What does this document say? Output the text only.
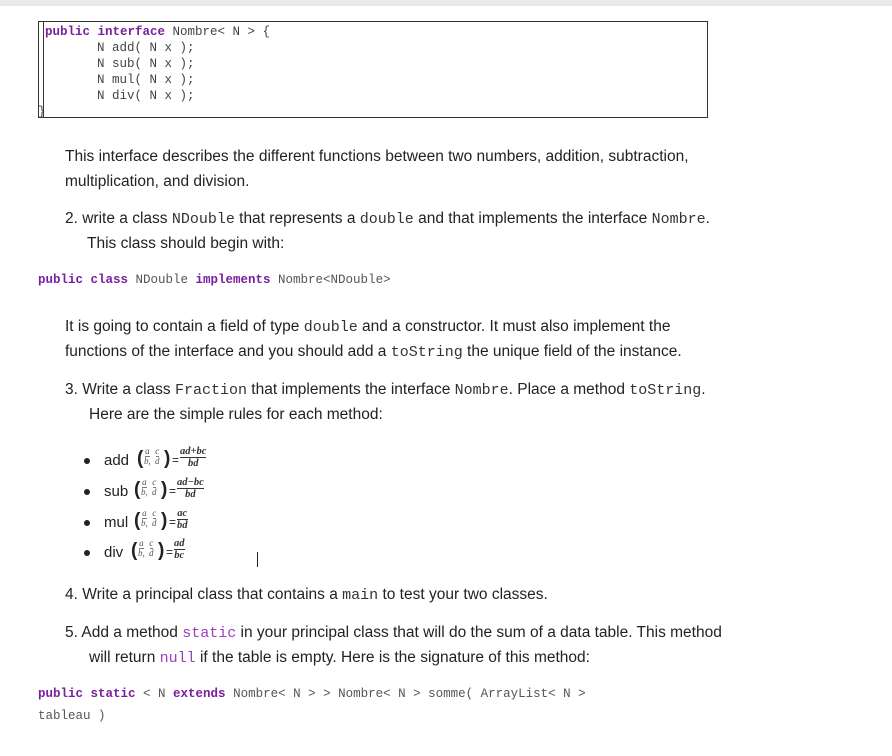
public interface Nombre< N > {
N add( N x );
N sub( N x );
N mul( N x );
N div( N x );
}
This interface describes the different functions between two numbers, addition, subtraction,
multiplication, and division.
2. write a class NDouble that represents a double and that implements the interface Nombre.
This class should begin with:
public class NDouble implements Nombre<NDouble>
It is going to contain a field of type double and a constructor. It must also implement the
functions of the interface and you should add a toString the unique field of the instance.
3. Write a class Fraction that implements the interface Nombre. Place a method toString.
Here are the simple rules for each method:
add ( a
b,
c
d ) =
ad+bc
bd
sub ( a
b,
c
d ) =
ad−bc
bd
mul ( a
b,
c
d ) =
ac
bd
div ( a
b,
c
d ) =
ad
bc
4. Write a principal class that contains a main to test your two classes.
5. Add a method static in your principal class that will do the sum of a data table. This method
will return null if the table is empty. Here is the signature of this method:
public static < N extends Nombre< N > > Nombre< N > somme( ArrayList< N >
tableau )
